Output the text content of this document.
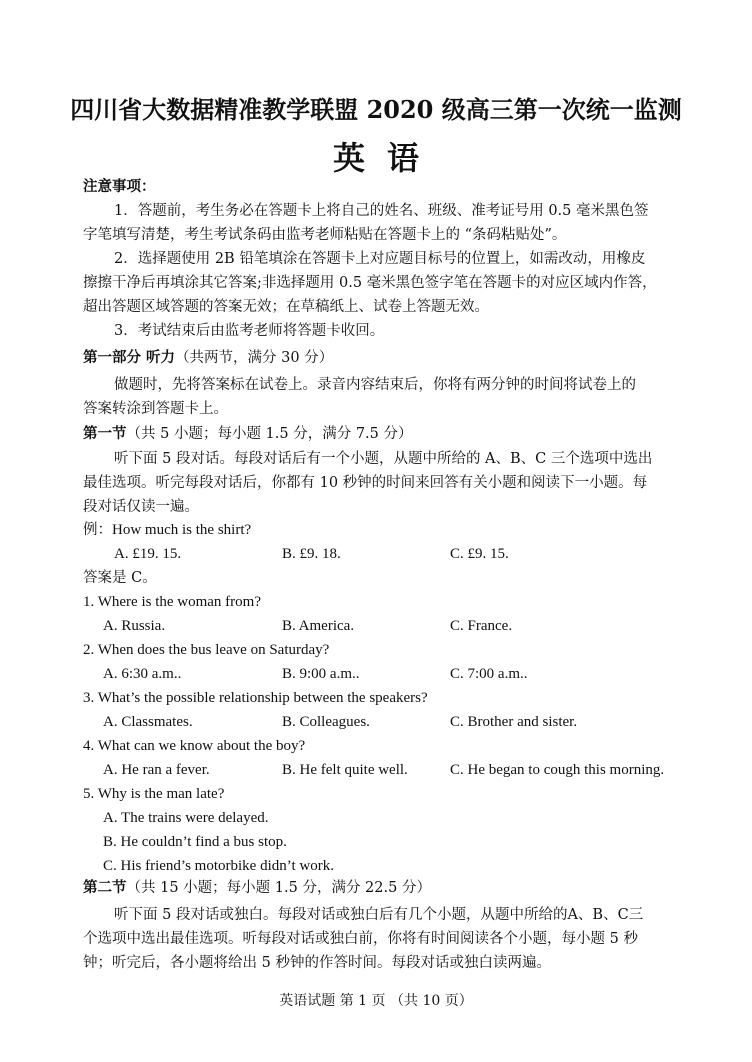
四川省大数据精准教学联盟 2020 级高三第一次统一监测
英语
注意事项：
1．答题前，考生务必在答题卡上将自己的姓名、班级、准考证号用 0.5 毫米黑色签
字笔填写清楚，考生考试条码由监考老师粘贴在答题卡上的 “条码粘贴处”。
2．选择题使用 2B 铅笔填涂在答题卡上对应题目标号的位置上，如需改动，用橡皮
擦擦干净后再填涂其它答案;非选择题用 0.5 毫米黑色签字笔在答题卡的对应区域内作答，
超出答题区域答题的答案无效；在草稿纸上、试卷上答题无效。
3．考试结束后由监考老师将答题卡收回。
第一部分 听力（共两节，满分 30 分）
做题时，先将答案标在试卷上。录音内容结束后，你将有两分钟的时间将试卷上的
答案转涂到答题卡上。
第一节（共 5 小题；每小题 1.5 分，满分 7.5 分）
听下面 5 段对话。每段对话后有一个小题，从题中所给的 A、B、C 三个选项中选出
最佳选项。听完每段对话后，你都有 10 秒钟的时间来回答有关小题和阅读下一小题。每
段对话仅读一遍。
例：How much is the shirt?
A. £19. 15.	B. £9. 18.	C. £9. 15.
答案是 C。
1. Where is the woman from?
A. Russia.	B. America.	C. France.
2. When does the bus leave on Saturday?
A. 6:30 a.m..	B. 9:00 a.m..	C. 7:00 a.m..
3. What’s the possible relationship between the speakers?
A. Classmates.	B. Colleagues.	C. Brother and sister.
4. What can we know about the boy?
A. He ran a fever.	B. He felt quite well.	C. He began to cough this morning.
5. Why is the man late?
A. The trains were delayed.
B. He couldn’t find a bus stop.
C. His friend’s motorbike didn’t work.
第二节（共 15 小题；每小题 1.5 分，满分 22.5 分）
听下面 5 段对话或独白。每段对话或独白后有几个小题，从题中所给的A、B、C三
个选项中选出最佳选项。听每段对话或独白前，你将有时间阅读各个小题，每小题 5 秒
钟；听完后，各小题将给出 5 秒钟的作答时间。每段对话或独白读两遍。
英语试题 第 1 页 （共 10 页）
